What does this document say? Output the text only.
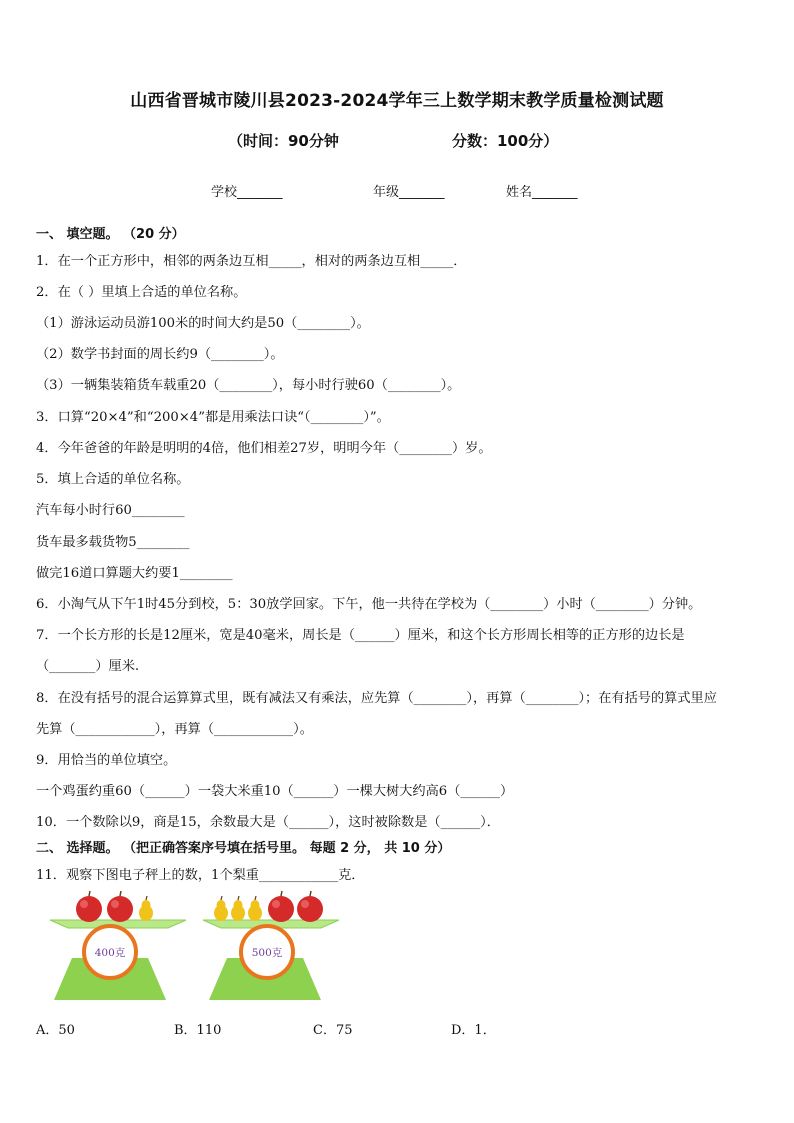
山西省晋城市陵川县2023-2024学年三上数学期末教学质量检测试题
（时间：90分钟	分数：100分）
学校_______	年级_______	姓名_______
一、 填空题。 （20 分）
1．在一个正方形中，相邻的两条边互相_____，相对的两条边互相_____．
2．在（ ）里填上合适的单位名称。
（1）游泳运动员游100米的时间大约是50（________）。
（2）数学书封面的周长约9（________）。
（3）一辆集装箱货车载重20（________），每小时行驶60（________）。
3．口算“20×4”和“200×4”都是用乘法口诀“（________）”。
4．今年爸爸的年龄是明明的4倍，他们相差27岁，明明今年（________）岁。
5．填上合适的单位名称。
汽车每小时行60________
货车最多载货物5________
做完16道口算题大约要1________
6．小淘气从下午1时45分到校，5：30放学回家。下午，他一共待在学校为（________）小时（________）分钟。
7．一个长方形的长是12厘米，宽是40毫米，周长是（______）厘米，和这个长方形周长相等的正方形的边长是
（_______）厘米.
8．在没有括号的混合运算算式里，既有减法又有乘法，应先算（________），再算（________）；在有括号的算式里应
先算（____________），再算（____________）。
9．用恰当的单位填空。
一个鸡蛋约重60（______）一袋大米重10（______）一棵大树大约高6（______）
10．一个数除以9，商是15，余数最大是（______），这时被除数是（______）．
二、 选择题。 （把正确答案序号填在括号里。 每题 2 分， 共 10 分）
11．观察下图电子秤上的数，1个梨重____________克．
400克	500克
A．50	B．110	C．75	D．1．
